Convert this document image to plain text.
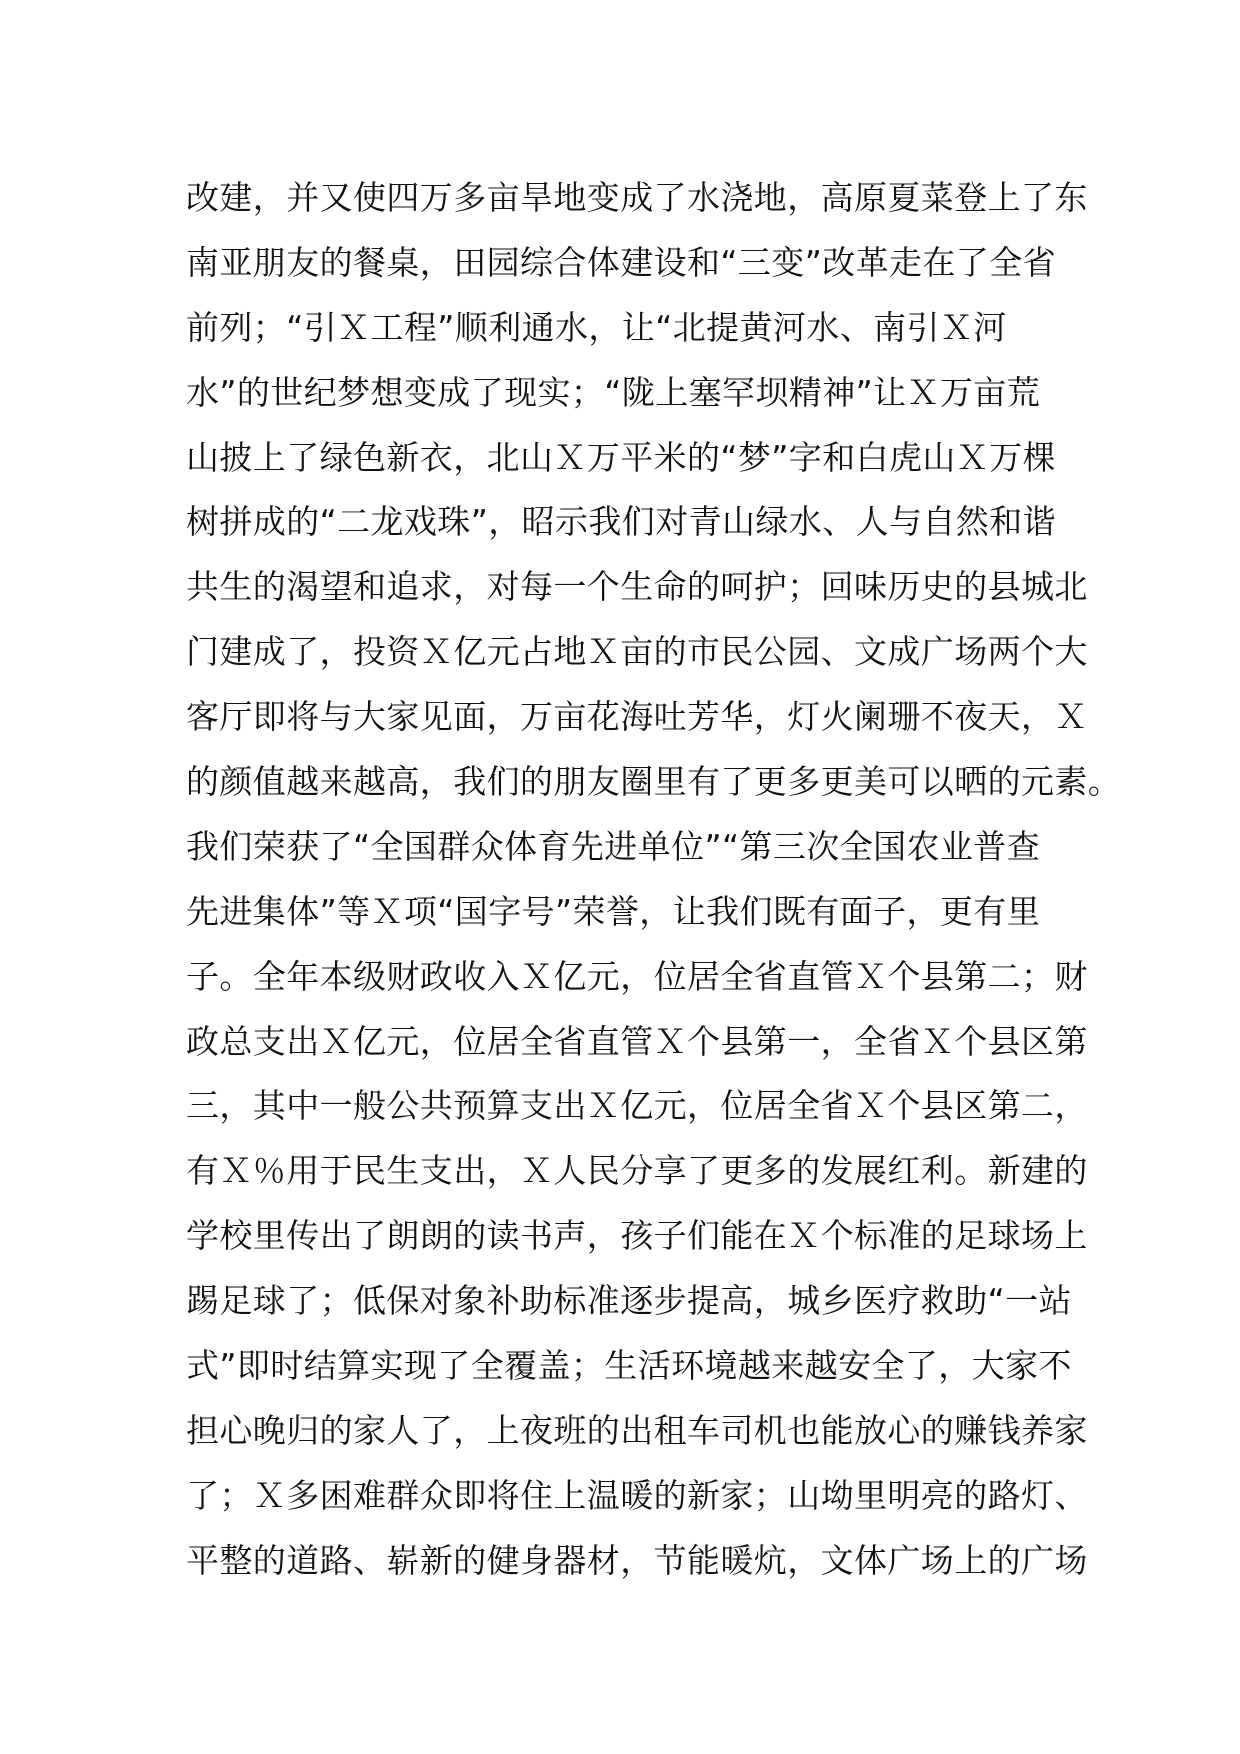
改建，并又使四万多亩旱地变成了水浇地，高原夏菜登上了东
南亚朋友的餐桌，田园综合体建设和“三变”改革走在了全省
前列；“引Ｘ工程”顺利通水，让“北提黄河水、南引Ｘ河
水”的世纪梦想变成了现实；“陇上塞罕坝精神”让Ｘ万亩荒
山披上了绿色新衣，北山Ｘ万平米的“梦”字和白虎山Ｘ万棵
树拼成的“二龙戏珠”，昭示我们对青山绿水、人与自然和谐
共生的渴望和追求，对每一个生命的呵护；回味历史的县城北
门建成了，投资Ｘ亿元占地Ｘ亩的市民公园、文成广场两个大
客厅即将与大家见面，万亩花海吐芳华，灯火阑珊不夜天，Ｘ
的颜值越来越高，我们的朋友圈里有了更多更美可以晒的元素。
我们荣获了“全国群众体育先进单位”“第三次全国农业普查
先进集体”等Ｘ项“国字号”荣誉，让我们既有面子，更有里
子。全年本级财政收入Ｘ亿元，位居全省直管Ｘ个县第二；财
政总支出Ｘ亿元，位居全省直管Ｘ个县第一，全省Ｘ个县区第
三，其中一般公共预算支出Ｘ亿元，位居全省Ｘ个县区第二，
有Ｘ％用于民生支出，Ｘ人民分享了更多的发展红利。新建的
学校里传出了朗朗的读书声，孩子们能在Ｘ个标准的足球场上
踢足球了；低保对象补助标准逐步提高，城乡医疗救助“一站
式”即时结算实现了全覆盖；生活环境越来越安全了，大家不
担心晚归的家人了，上夜班的出租车司机也能放心的赚钱养家
了；Ｘ多困难群众即将住上温暖的新家；山坳里明亮的路灯、
平整的道路、崭新的健身器材，节能暖炕，文体广场上的广场
